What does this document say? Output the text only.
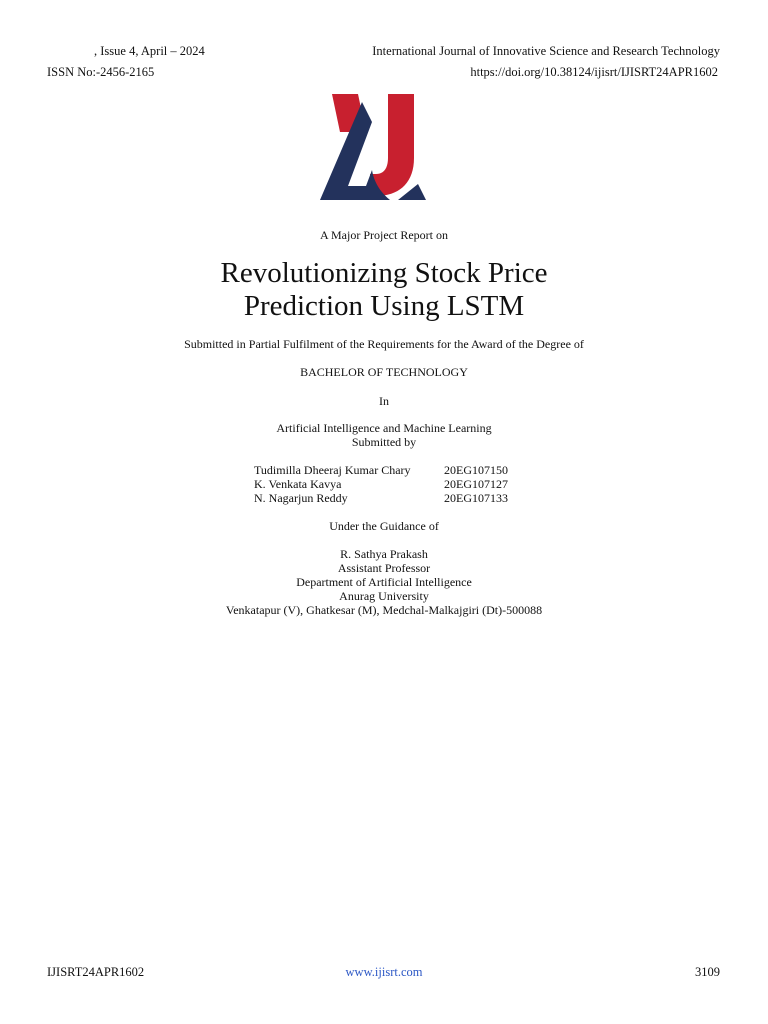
, Issue 4, April – 2024	International Journal of Innovative Science and Research Technology
ISSN No:-2456-2165	https://doi.org/10.38124/ijisrt/IJISRT24APR1602
A Major Project Report on
Revolutionizing Stock Price
Prediction Using LSTM
Submitted in Partial Fulfilment of the Requirements for the Award of the Degree of
BACHELOR OF TECHNOLOGY
In
Artificial Intelligence and Machine Learning
Submitted by
Tudimilla Dheeraj Kumar Chary	20EG107150
K. Venkata Kavya	20EG107127
N. Nagarjun Reddy	20EG107133
Under the Guidance of
R. Sathya Prakash
Assistant Professor
Department of Artificial Intelligence
Anurag University
Venkatapur (V), Ghatkesar (M), Medchal-Malkajgiri (Dt)-500088
IJISRT24APR1602	www.ijisrt.com	3109
